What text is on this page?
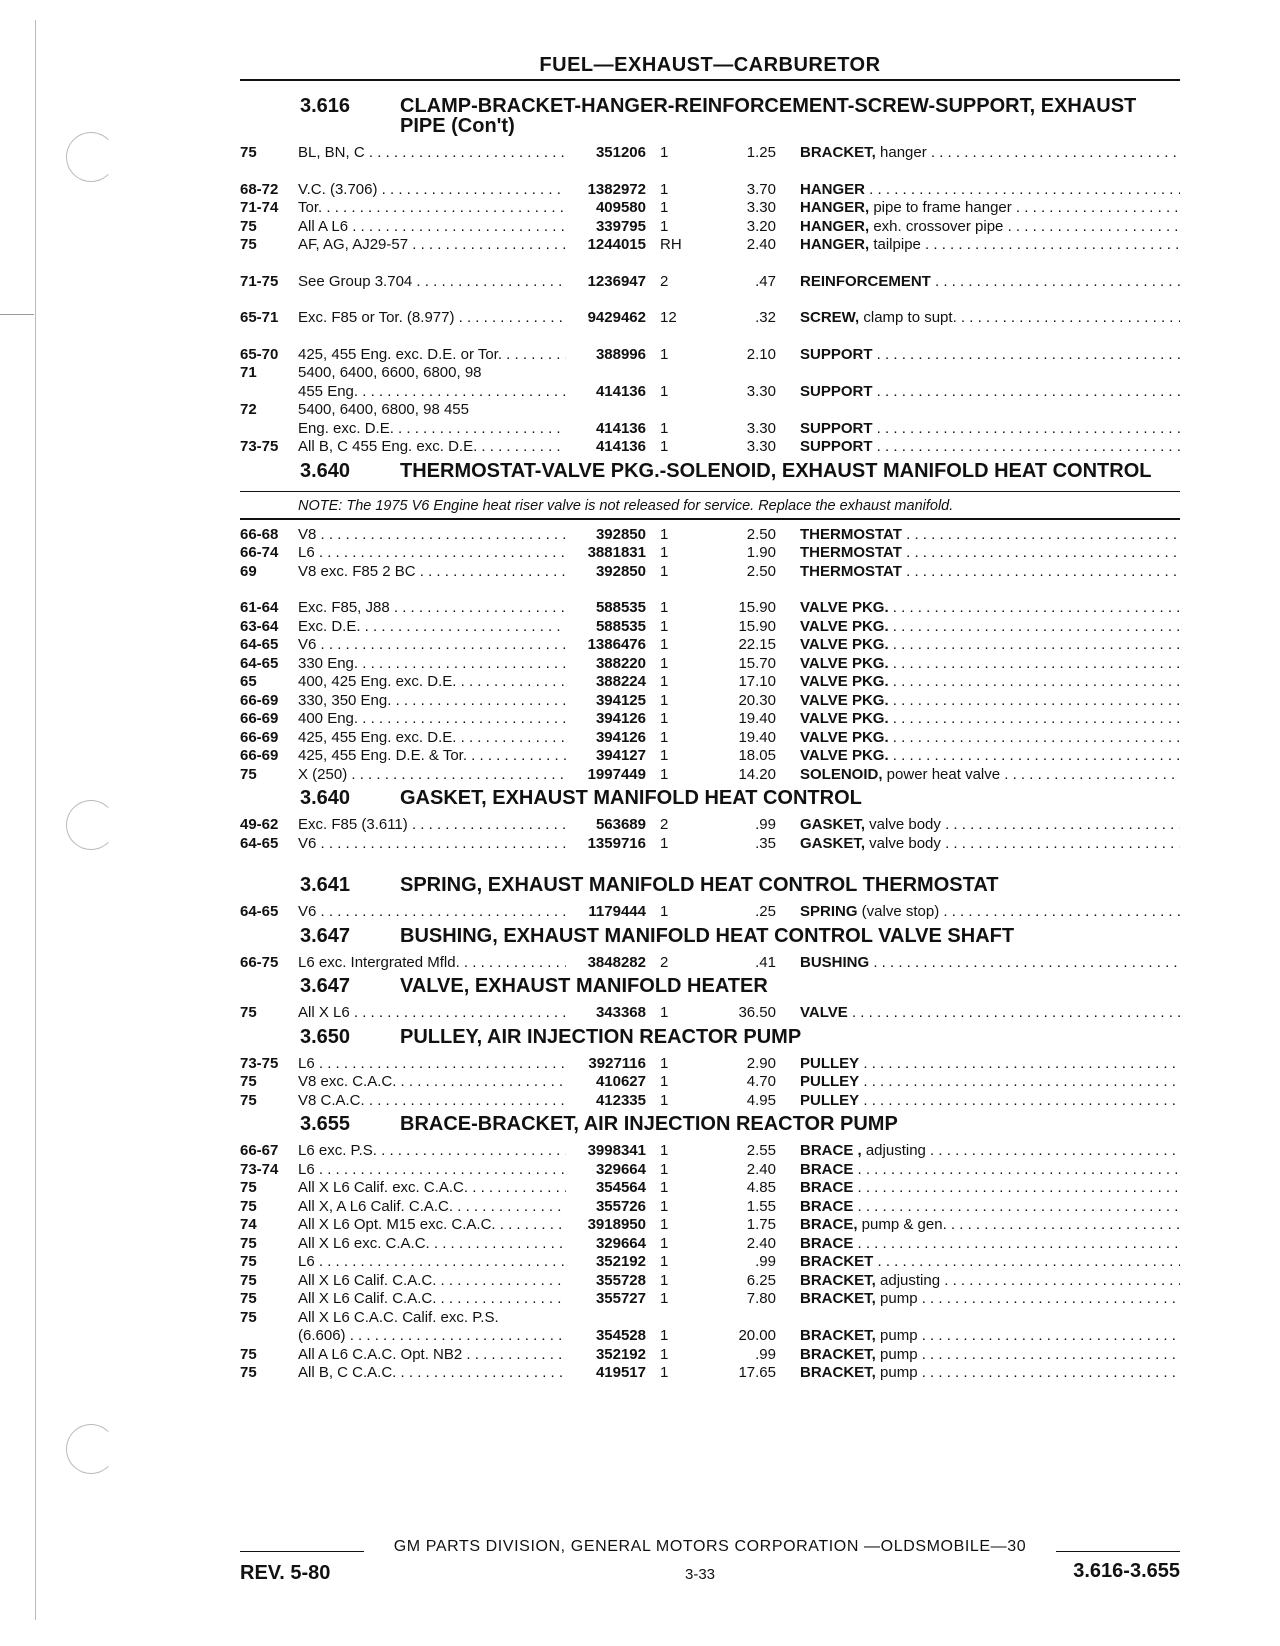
FUEL—EXHAUST—CARBURETOR
3.616	CLAMP-BRACKET-HANGER-REINFORCEMENT-SCREW-SUPPORT, EXHAUST PIPE (Con't)
75	BL, BN, C . . .	351206 1	1.25	BRACKET, hanger . . .
68-72	V.C. (3.706) . . .	1382972 1	3.70	HANGER . . .
71-74	Tor. . . .	409580 1	3.30	HANGER, pipe to frame hanger . . .
75	All A L6 . . .	339795 1	3.20	HANGER, exh. crossover pipe . . .
75	AF, AG, AJ29-57 . . .	1244015 RH	2.40	HANGER, tailpipe . . .
71-75	See Group 3.704 . . .	1236947 2	.47	REINFORCEMENT . . .
65-71	Exc. F85 or Tor. (8.977) . . .	9429462 12	.32	SCREW, clamp to supt. . . .
65-70	425, 455 Eng. exc. D.E. or Tor. . . .	388996 1	2.10	SUPPORT . . .
71	5400, 6400, 6600, 6800, 98
455 Eng. . . .	414136 1	3.30	SUPPORT . . .
72	5400, 6400, 6800, 98 455
Eng. exc. D.E. . . .	414136 1	3.30	SUPPORT . . .
73-75	All B, C 455 Eng. exc. D.E. . . .	414136 1	3.30	SUPPORT . . .
3.640	THERMOSTAT-VALVE PKG.-SOLENOID, EXHAUST MANIFOLD HEAT CONTROL
NOTE: The 1975 V6 Engine heat riser valve is not released for service. Replace the exhaust manifold.
66-68	V8 . . .	392850 1	2.50	THERMOSTAT . . .
66-74	L6 . . .	3881831 1	1.90	THERMOSTAT . . .
69	V8 exc. F85 2 BC . . .	392850 1	2.50	THERMOSTAT . . .
61-64	Exc. F85, J88 . . .	588535 1	15.90	VALVE PKG. . . .
63-64	Exc. D.E. . . .	588535 1	15.90	VALVE PKG. . . .
64-65	V6 . . .	1386476 1	22.15	VALVE PKG. . . .
64-65	330 Eng. . . .	388220 1	15.70	VALVE PKG. . . .
65	400, 425 Eng. exc. D.E. . . .	388224 1	17.10	VALVE PKG. . . .
66-69	330, 350 Eng. . . .	394125 1	20.30	VALVE PKG. . . .
66-69	400 Eng. . . .	394126 1	19.40	VALVE PKG. . . .
66-69	425, 455 Eng. exc. D.E. . . .	394126 1	19.40	VALVE PKG. . . .
66-69	425, 455 Eng. D.E. & Tor. . . .	394127 1	18.05	VALVE PKG. . . .
75	X (250) . . .	1997449 1	14.20	SOLENOID, power heat valve . . .
3.640	GASKET, EXHAUST MANIFOLD HEAT CONTROL
49-62	Exc. F85 (3.611) . . .	563689 2	.99	GASKET, valve body . . .
64-65	V6 . . .	1359716 1	.35	GASKET, valve body . . .
3.641	SPRING, EXHAUST MANIFOLD HEAT CONTROL THERMOSTAT
64-65	V6 . . .	1179444 1	.25	SPRING (valve stop) . . .
3.647	BUSHING, EXHAUST MANIFOLD HEAT CONTROL VALVE SHAFT
66-75	L6 exc. Intergrated Mfld. . . .	3848282 2	.41	BUSHING . . .
3.647	VALVE, EXHAUST MANIFOLD HEATER
75	All X L6 . . .	343368 1	36.50	VALVE . . .
3.650	PULLEY, AIR INJECTION REACTOR PUMP
73-75	L6 . . .	3927116 1	2.90	PULLEY . . .
75	V8 exc. C.A.C. . . .	410627 1	4.70	PULLEY . . .
75	V8 C.A.C. . . .	412335 1	4.95	PULLEY . . .
3.655	BRACE-BRACKET, AIR INJECTION REACTOR PUMP
66-67	L6 exc. P.S. . . .	3998341 1	2.55	BRACE , adjusting . . .
73-74	L6 . . .	329664 1	2.40	BRACE . . .
75	All X L6 Calif. exc. C.A.C. . . .	354564 1	4.85	BRACE . . .
75	All X, A L6 Calif. C.A.C. . . .	355726 1	1.55	BRACE . . .
74	All X L6 Opt. M15 exc. C.A.C. . . .	3918950 1	1.75	BRACE, pump & gen. . . .
75	All X L6 exc. C.A.C. . . .	329664 1	2.40	BRACE . . .
75	L6 . . .	352192 1	.99	BRACKET . . .
75	All X L6 Calif. C.A.C. . . .	355728 1	6.25	BRACKET, adjusting . . .
75	All X L6 Calif. C.A.C. . . .	355727 1	7.80	BRACKET, pump . . .
75	All X L6 C.A.C. Calif. exc. P.S.
(6.606) . . .	354528 1	20.00	BRACKET, pump . . .
75	All A L6 C.A.C. Opt. NB2 . . .	352192 1	.99	BRACKET, pump . . .
75	All B, C C.A.C. . . .	419517 1	17.65	BRACKET, pump . . .
GM PARTS DIVISION, GENERAL MOTORS CORPORATION —OLDSMOBILE—30
REV. 5-80	3-33	3.616-3.655
